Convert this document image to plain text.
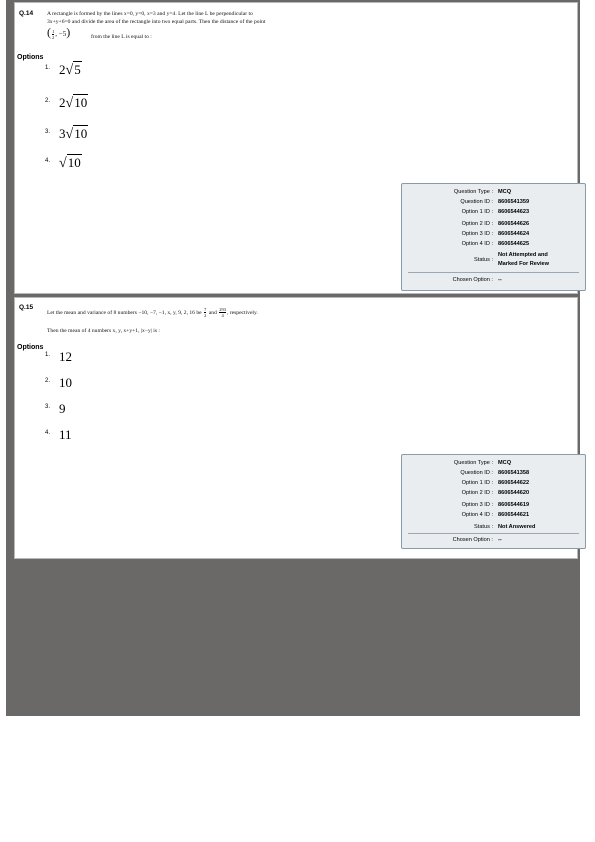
Q.14 A rectangle is formed by the lines x=0, y=0, x=3 and y=4. Let the line L be perpendicular to
3x+y+6=0 and divide the area of the rectangle into two equal parts. Then the distance of the point
( $\frac{1}{2}$ , −5)	from the line L is equal to :
Options
1. 2√5
2. 2√10
3. 3√10
4. √10
Question Type : MCQ
Question ID : 8606541359
Option 1 ID : 8606544623
Option 2 ID : 8606544626
Option 3 ID : 8606544624
Option 4 ID : 8606544625
Status :
Not Attempted and
Marked For Review
Chosen Option : --
Q.15
Let the mean and variance of 8 numbers −10, −7, −1, x, y, 9, 2, 16 be $\frac{7}{2}$ and $\frac{293}{4}$ , respectively.
Then the mean of 4 numbers x, y, x+y+1, |x−y| is :
Options
1. 12
2. 10
3. 9
4. 11
Question Type : MCQ
Question ID : 8606541358
Option 1 ID : 8606544622
Option 2 ID : 8606544620
Option 3 ID : 8606544619
Option 4 ID : 8606544621
Status : Not Answered
Chosen Option : --
